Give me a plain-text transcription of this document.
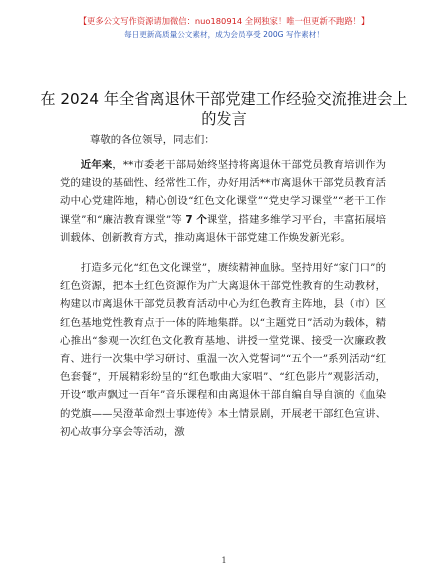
【更多公文写作资源请加微信：nuo180914 全网独家！唯一但更新不跑路！】
每日更新高质量公文素材，成为会员享受 200G 写作素材！
在 2024 年全省离退休干部党建工作经验交流推进会上的发言
尊敬的各位领导，同志们：

近年来，**市委老干部局始终坚持将离退休干部党员教育培训作为党的建设的基础性、经常性工作，办好用活**市离退休干部党员教育活动中心党建阵地，精心创设“红色文化课堂”“党史学习课堂”“老干工作课堂”和“廉洁教育课堂”等 7 个课堂，搭建多维学习平台，丰富拓展培训载体、创新教育方式，推动离退休干部党建工作焕发新光彩。

打造多元化“红色文化课堂”，赓续精神血脉。坚持用好“家门口”的红色资源，把本土红色资源作为广大离退休干部党性教育的生动教材，构建以市离退休干部党员教育活动中心为红色教育主阵地，县（市）区红色基地党性教育点于一体的阵地集群。以“主题党日”活动为载体，精心推出“参观一次红色文化教育基地、讲授一堂党课、接受一次廉政教育、进行一次集中学习研讨、重温一次入党誓词”“五个一”系列活动“红色套餐”，开展精彩纷呈的“红色歌曲大家唱”、“红色影片”观影活动，开设“歌声飘过一百年”音乐课程和由离退休干部自编自导自演的《血染的党旗——吴澄革命烈士事迹传》本土情景剧，开展老干部红色宣讲、初心故事分享会等活动，激

1
